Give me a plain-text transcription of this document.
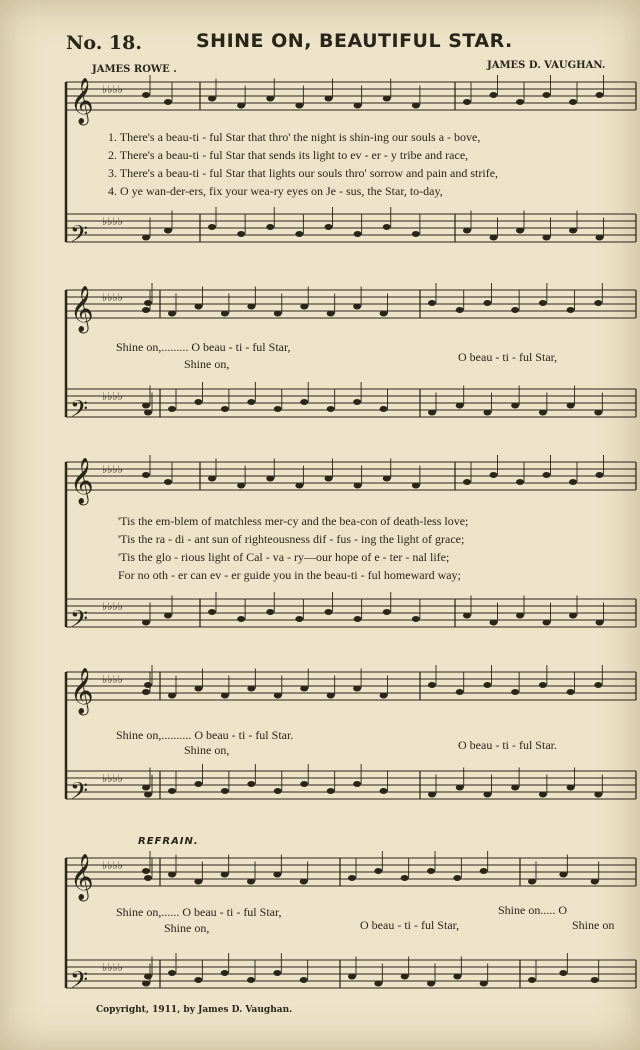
No. 18.	SHINE ON, BEAUTIFUL STAR.
JAMES ROWE .	JAMES D. VAUGHAN.
𝄞 ♭♭♭♭
𝄢 ♭♭♭♭
𝄞 ♭♭♭♭
𝄢 ♭♭♭♭
𝄞 ♭♭♭♭
𝄢 ♭♭♭♭
𝄞 ♭♭♭♭
𝄢 ♭♭♭♭
𝄞 ♭♭♭♭
𝄢 ♭♭♭♭
1. There's a beau-ti - ful Star that thro' the night is shin-ing our souls a - bove,
2. There's a beau-ti - ful Star that sends its light to ev - er - y tribe and race,
3. There's a beau-ti - ful Star that lights our souls thro' sorrow and pain and strife,
4. O ye wan-der-ers, fix your wea-ry eyes on Je - sus, the Star, to-day,
Shine on,......... O beau - ti - ful Star,
Shine on,	O beau - ti - ful Star,
'Tis the em-blem of matchless mer-cy and the bea-con of death-less love;
'Tis the ra - di - ant sun of righteousness dif - fus - ing the light of grace;
'Tis the glo - rious light of Cal - va - ry—our hope of e - ter - nal life;
For no oth - er can ev - er guide you in the beau-ti - ful homeward way;
Shine on,.......... O beau - ti - ful Star.
Shine on,	O beau - ti - ful Star.
REFRAIN.
Shine on,...... O beau - ti - ful Star,	Shine on..... O
Shine on,	O beau - ti - ful Star,	Shine on
Copyright, 1911, by James D. Vaughan.
